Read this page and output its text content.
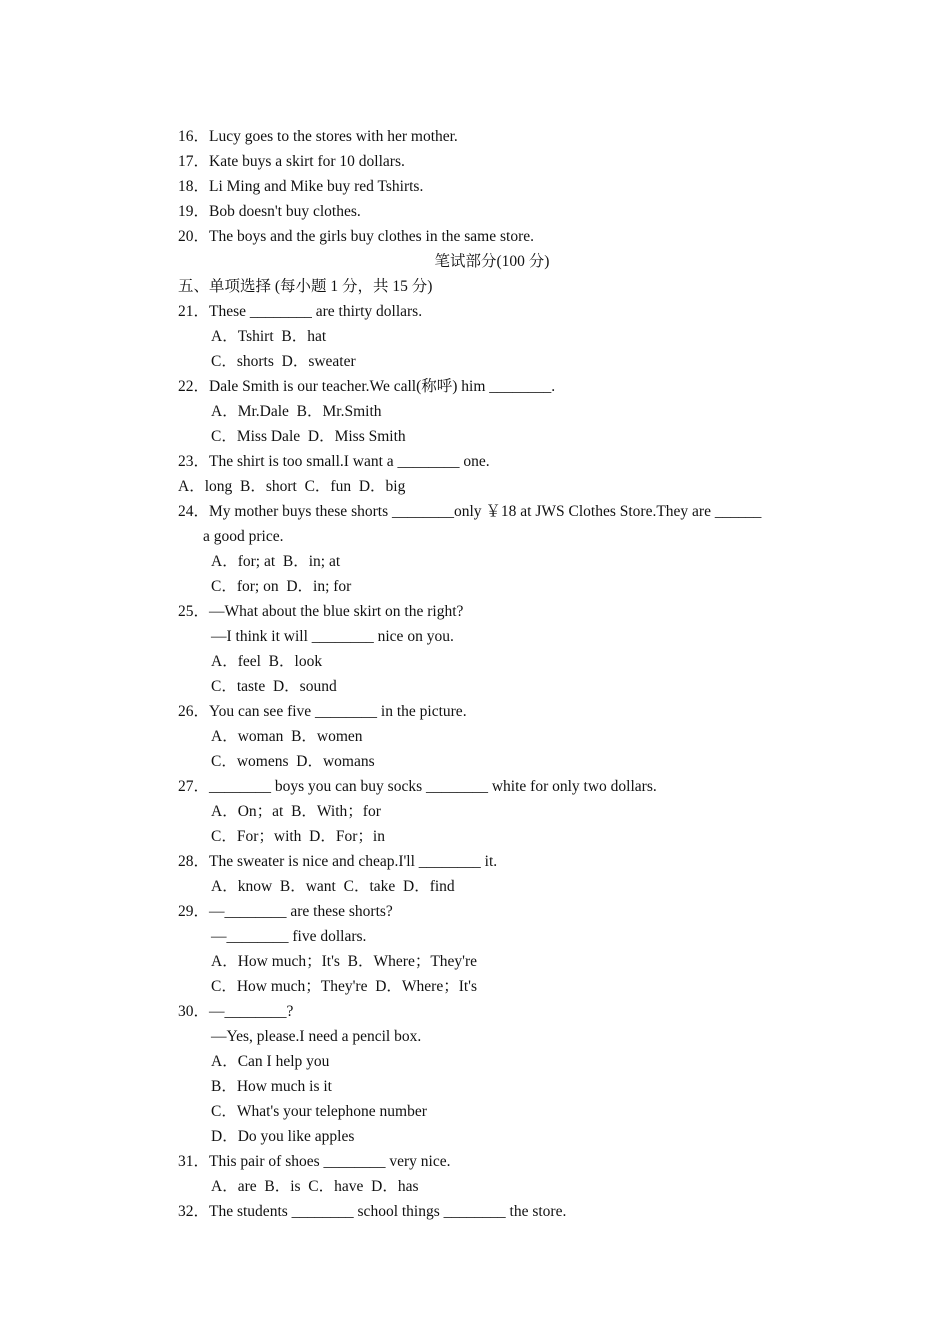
16．Lucy goes to the stores with her mother.
17．Kate buys a skirt for 10 dollars.
18．Li Ming and Mike buy red Tshirts.
19．Bob doesn't buy clothes.
20．The boys and the girls buy clothes in the same store.
笔试部分(100 分)
五、单项选择 (每小题 1 分，共 15 分)
21．These ________ are thirty dollars.
A．Tshirt  B．hat
C．shorts  D．sweater
22．Dale Smith is our teacher.We call(称呼) him ________.
A．Mr.Dale  B．Mr.Smith
C．Miss Dale  D．Miss Smith
23．The shirt is too small.I want a ________ one.
A．long  B．short  C．fun  D．big
24．My mother buys these shorts ________only ￥18 at JWS Clothes Store.They are ______
a good price.
A．for; at  B．in; at
C．for; on  D．in; for
25．—What about the blue skirt on the right?
—I think it will ________ nice on you.
A．feel  B．look
C．taste  D．sound
26．You can see five ________ in the picture.
A．woman  B．women
C．womens  D．womans
27．________ boys you can buy socks ________ white for only two dollars.
A．On；at  B．With；for
C．For；with  D．For；in
28．The sweater is nice and cheap.I'll ________ it.
A．know  B．want  C．take  D．find
29．—________ are these shorts?
—________ five dollars.
A．How much；It's  B．Where；They're
C．How much；They're  D．Where；It's
30．—________?
—Yes, please.I need a pencil box.
A．Can I help you
B．How much is it
C．What's your telephone number
D．Do you like apples
31．This pair of shoes ________ very nice.
A．are  B．is  C．have  D．has
32．The students ________ school things ________ the store.
